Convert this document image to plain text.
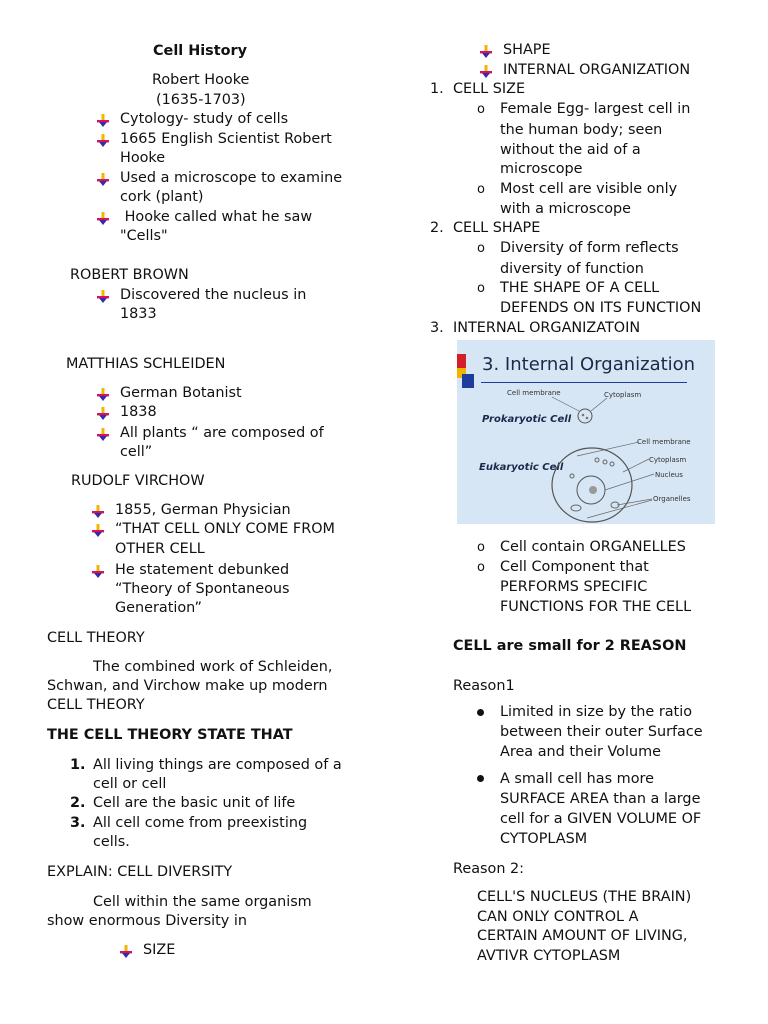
Cell History
Robert Hooke
(1635-1703)
Cytology- study of cells
1665 English Scientist Robert
Hooke
Used a microscope to examine
cork (plant)
Hooke called what he saw
"Cells"
ROBERT BROWN
Discovered the nucleus in
1833
MATTHIAS SCHLEIDEN
German Botanist
1838
All plants “ are composed of
cell”
RUDOLF VIRCHOW
1855, German Physician
“THAT CELL ONLY COME FROM
OTHER CELL
He statement debunked
“Theory of Spontaneous
Generation”
CELL THEORY
The combined work of Schleiden,
Schwan, and Virchow make up modern
CELL THEORY
THE CELL THEORY STATE THAT
1. All living things are composed of a
cell or cell
2. Cell are the basic unit of life
3. All cell come from preexisting
cells.
EXPLAIN: CELL DIVERSITY
Cell within the same organism
show enormous Diversity in
SIZE
SHAPE
INTERNAL ORGANIZATION
1. CELL SIZE
o Female Egg- largest cell in
the human body; seen
without the aid of a
microscope
o Most cell are visible only
with a microscope
2. CELL SHAPE
o Diversity of form reflects
diversity of function
o THE SHAPE OF A CELL
DEFENDS ON ITS FUNCTION
3. INTERNAL ORGANIZATOIN
3. Internal Organization
Cell membrane	Cytoplasm
Prokaryotic Cell
Cell membrane
Cytoplasm
Nucleus
Organelles
Eukaryotic Cell
o Cell contain ORGANELLES
o Cell Component that
PERFORMS SPECIFIC
FUNCTIONS FOR THE CELL
CELL are small for 2 REASON
Reason1
Limited in size by the ratio
between their outer Surface
Area and their Volume
A small cell has more
SURFACE AREA than a large
cell for a GIVEN VOLUME OF
CYTOPLASM
Reason 2:
CELL'S NUCLEUS (THE BRAIN)
CAN ONLY CONTROL A
CERTAIN AMOUNT OF LIVING,
AVTIVR CYTOPLASM
